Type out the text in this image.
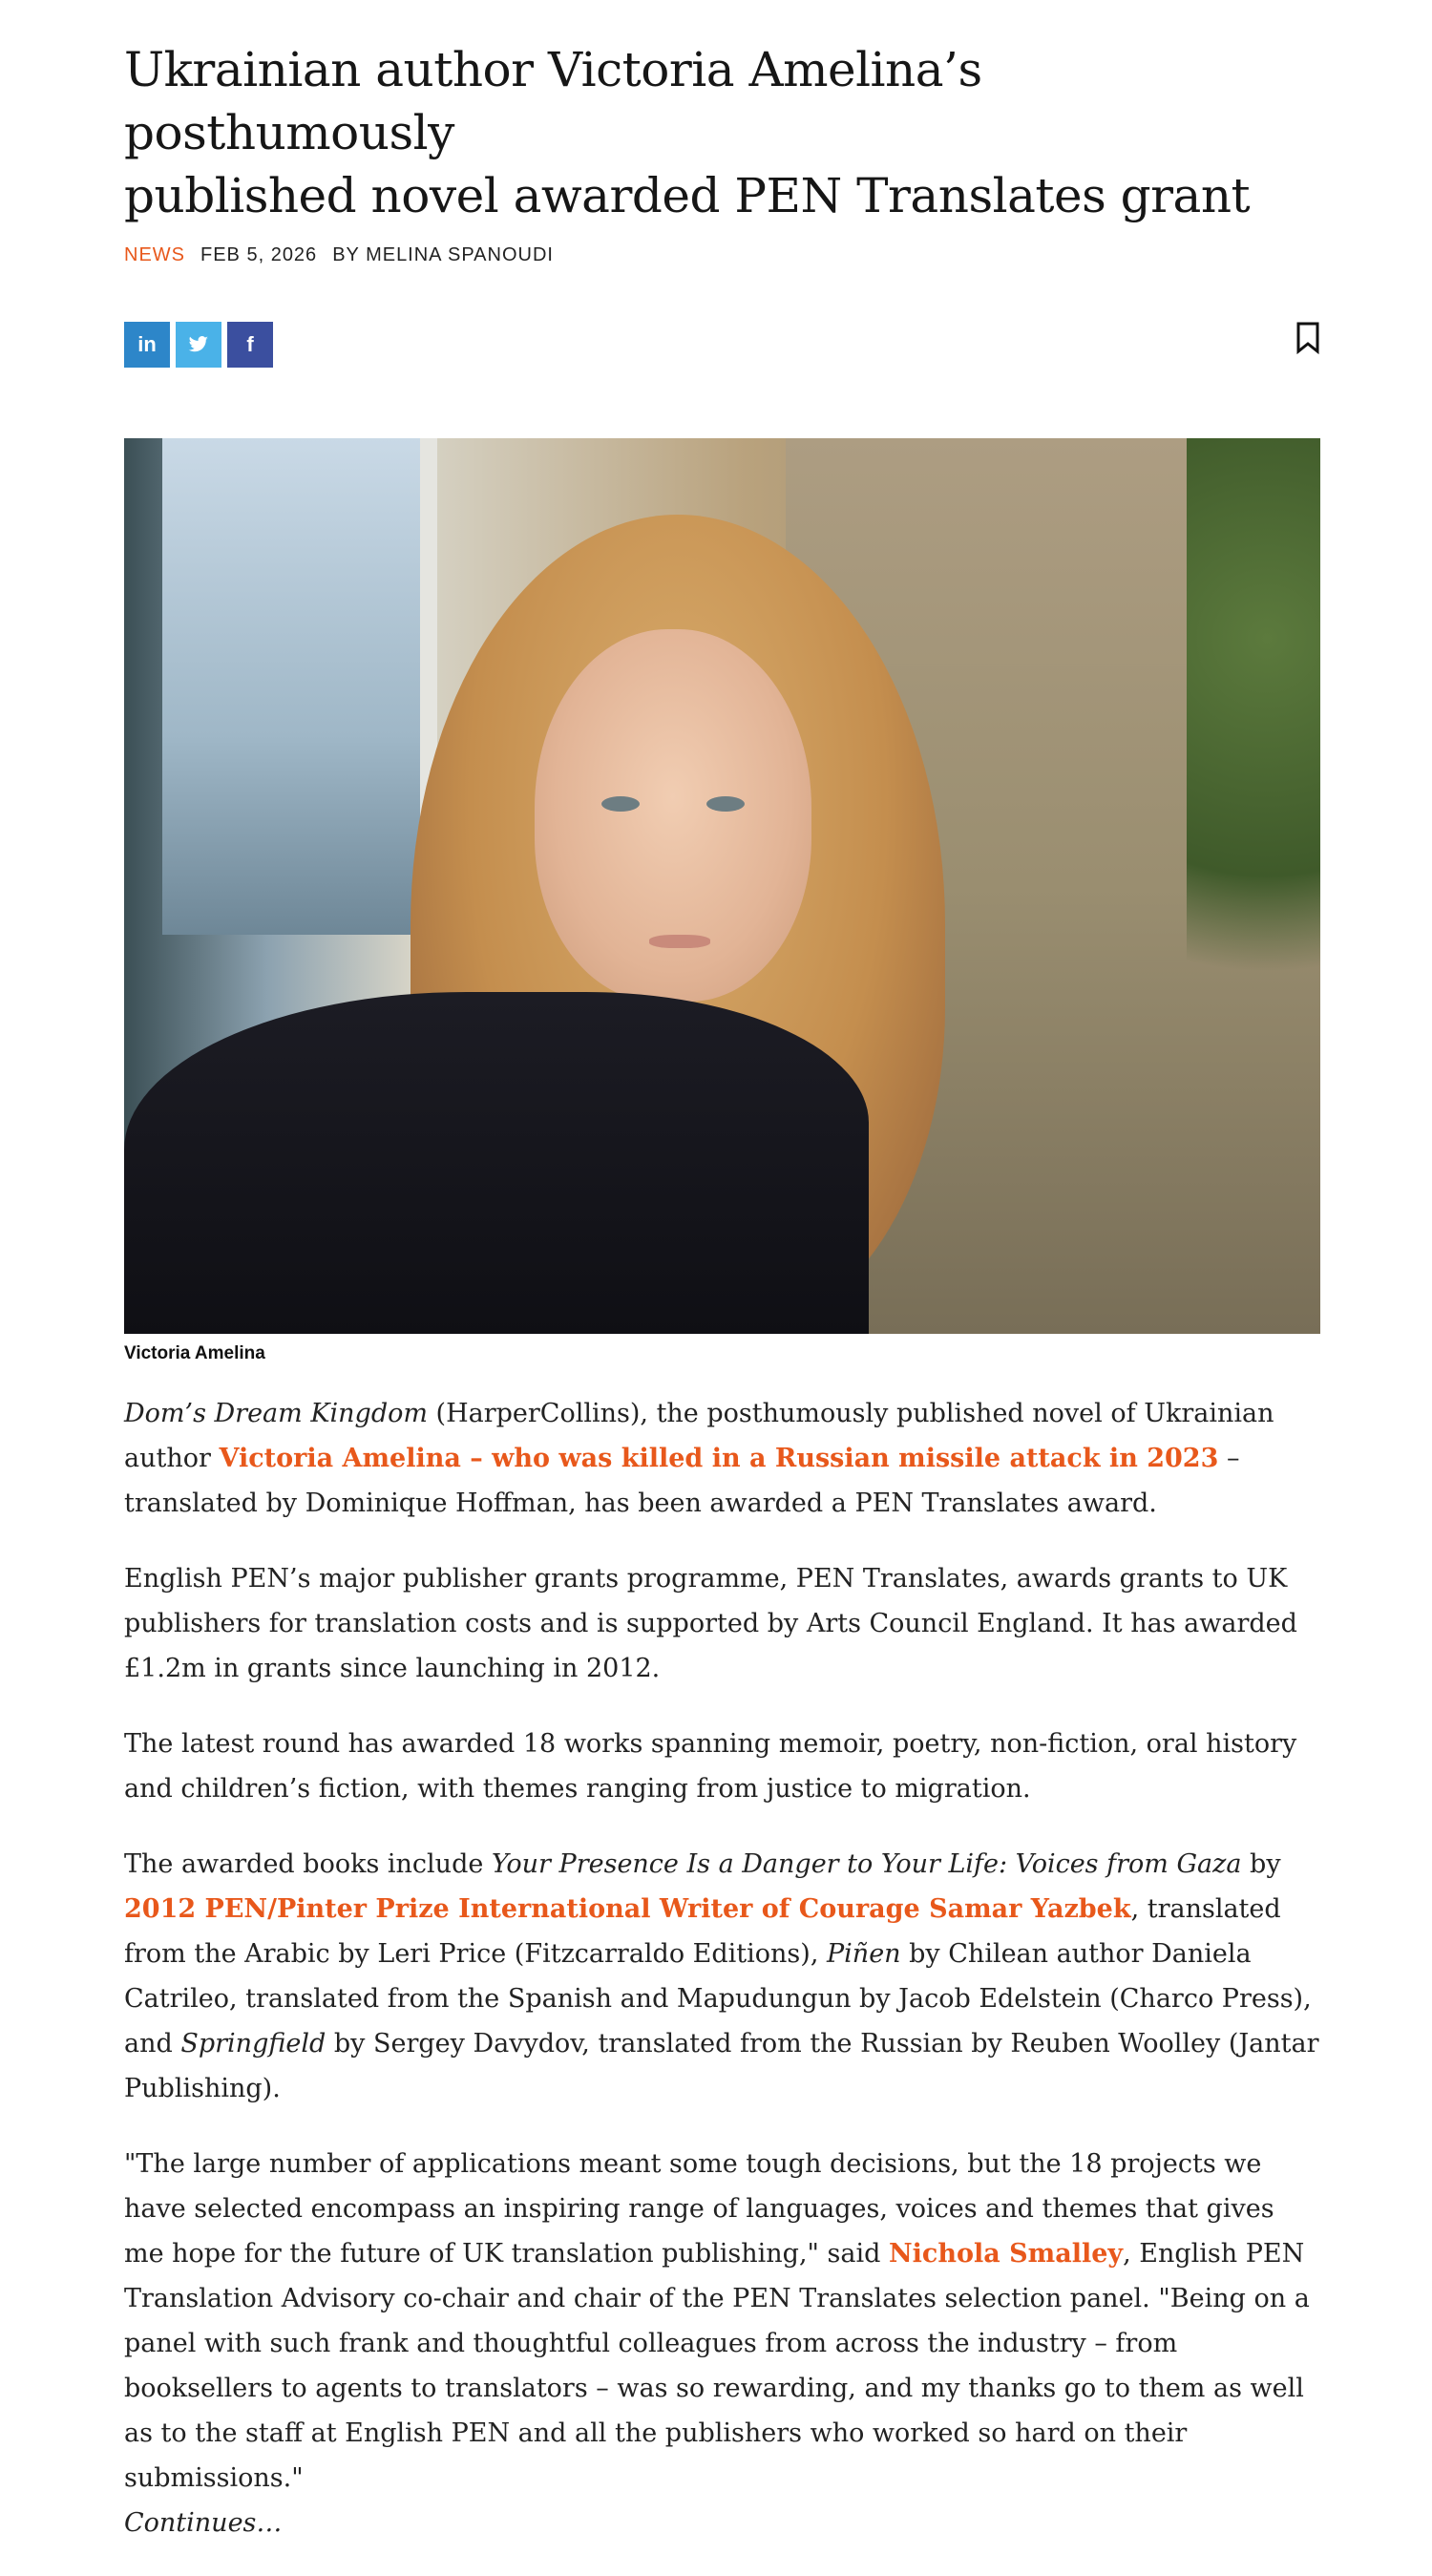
Ukrainian author Victoria Amelina’s posthumously
published novel awarded PEN Translates grant
NEWS FEB 5, 2026 BY MELINA SPANOUDI
in	f
Victoria Amelina

Dom’s Dream Kingdom (HarperCollins), the posthumously published novel of Ukrainian author Victoria Amelina – who was killed in a Russian missile attack in 2023 – translated by Dominique Hoffman, has been awarded a PEN Translates award.

English PEN’s major publisher grants programme, PEN Translates, awards grants to UK publishers for translation costs and is supported by Arts Council England. It has awarded £1.2m in grants since launching in 2012.

The latest round has awarded 18 works spanning memoir, poetry, non-fiction, oral history and children’s fiction, with themes ranging from justice to migration.

The awarded books include Your Presence Is a Danger to Your Life: Voices from Gaza by 2012 PEN/Pinter Prize International Writer of Courage Samar Yazbek, translated from the Arabic by Leri Price (Fitzcarraldo Editions), Piñen by Chilean author Daniela Catrileo, translated from the Spanish and Mapudungun by Jacob Edelstein (Charco Press), and Springfield by Sergey Davydov, translated from the Russian by Reuben Woolley (Jantar Publishing).

"The large number of applications meant some tough decisions, but the 18 projects we have selected encompass an inspiring range of languages, voices and themes that gives me hope for the future of UK translation publishing," said Nichola Smalley, English PEN Translation Advisory co-chair and chair of the PEN Translates selection panel. "Being on a panel with such frank and thoughtful colleagues from across the industry – from booksellers to agents to translators – was so rewarding, and my thanks go to them as well as to the staff at English PEN and all the publishers who worked so hard on their submissions."
Continues…
